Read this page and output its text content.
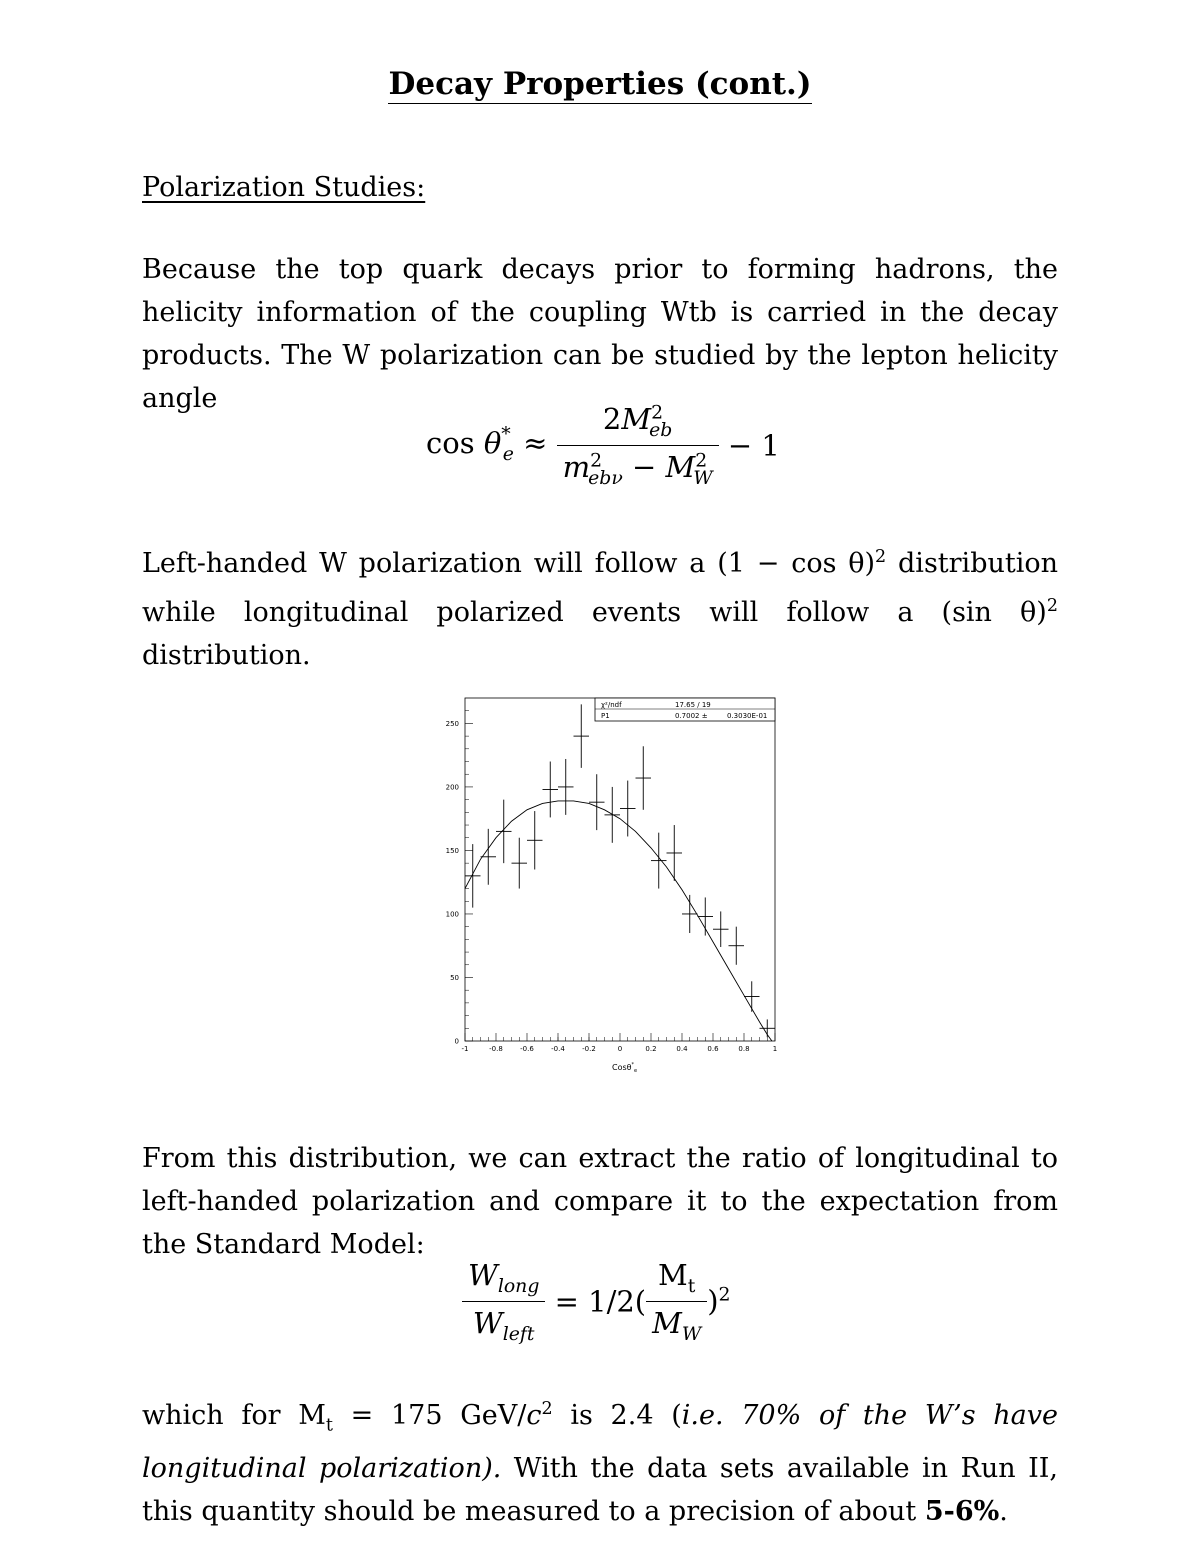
Decay Properties (cont.)
Polarization Studies:
Because the top quark decays prior to forming hadrons, the helicity information of the coupling Wtb is carried in the decay products. The W polarization can be studied by the lepton helicity angle
$\cos \theta^*_e \approx \frac{2M^2_{eb}}{m^2_{eb\nu} - M^2_W} - 1$
Left-handed W polarization will follow a $(1 - \cos \theta)^2$ distribution while longitudinal polarized events will follow a (sin θ)$^2$ distribution.
0
50
100
150
200
250
-1	-0.8 -0.6 -0.4 -0.2	0	0.2	0.4	0.6	0.8	1
χ²/ndf	17.65 / 19
P1	0.7002 ±	0.3030E-01
Cosθ*$_e$
From this distribution, we can extract the ratio of longitudinal to left-handed polarization and compare it to the expectation from the Standard Model:
$\frac{W_{long}}{W_{left}} = 1/2( \frac{M_t}{M_W} )^2$
which for $M_t = 175$ GeV/$c^2$ is 2.4 (i.e. 70% of the W’s have longitudinal polarization). With the data sets available in Run II, this quantity should be measured to a precision of about 5-6%.
